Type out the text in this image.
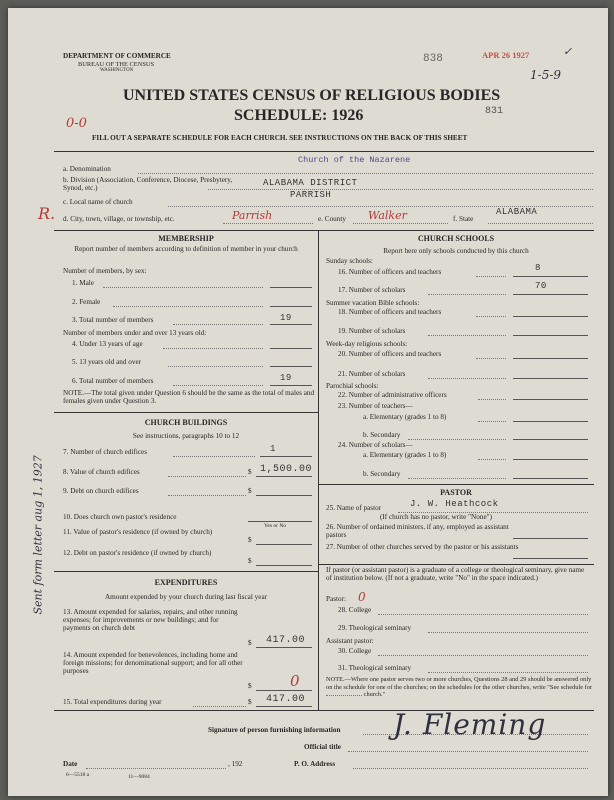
DEPARTMENT OF COMMERCE
BUREAU OF THE CENSUS
WASHINGTON
UNITED STATES CENSUS OF RELIGIOUS BODIES
SCHEDULE: 1926
838	APR 26 1927	✓
1-5-9
831
0-0
FILL OUT A SEPARATE SCHEDULE FOR EACH CHURCH. SEE INSTRUCTIONS ON THE BACK OF THIS SHEET
a. Denomination
Church of the Nazarene
b. Division (Association, Conference, Diocese, Presbytery, Synod, etc.)	ALABAMA DISTRICT
c. Local name of church
PARRISH
R. d. City, town, village, or township, etc.	Parrish	e. County Walker	f. State
ALABAMA
MEMBERSHIP
Report number of members according to definition of member in your church
Number of members, by sex:
1. Male
2. Female
3. Total number of members	19
Number of members under and over 13 years old:
4. Under 13 years of age
5. 13 years old and over
6. Total number of members	19
NOTE.—The total given under Question 6 should be the same as the total of males and females given under Question 3.
CHURCH BUILDINGS
See instructions, paragraphs 10 to 12
7. Number of church edifices	1
8. Value of church edifices	$ 1,500.00
9. Debt on church edifices	$
10. Does church own pastor's residence
Yes or No
11. Value of pastor's residence (if owned by church)
$
12. Debt on pastor's residence (if owned by church)
$
EXPENDITURES
Amount expended by your church during last fiscal year
13. Amount expended for salaries, repairs, and other running expenses; for improvements or new buildings; and for payments on church debt
$ 417.00
14. Amount expended for benevolences, including home and foreign missions; for denominational support; and for all other purposes
$	0
15. Total expenditures during year	$ 417.00
CHURCH SCHOOLS
Report here only schools conducted by this church
Sunday schools:
16. Number of officers and teachers	8
17. Number of scholars	70
Summer vacation Bible schools:
18. Number of officers and teachers
19. Number of scholars
Week-day religious schools:
20. Number of officers and teachers
21. Number of scholars
Parochial schools:
22. Number of administrative officers
23. Number of teachers—
a. Elementary (grades 1 to 8)
b. Secondary
24. Number of scholars—
a. Elementary (grades 1 to 8)
b. Secondary
PASTOR
25. Name of pastor	J. W. Heathcock
(If church has no pastor, write "None")
26. Number of ordained ministers, if any, employed as assistant pastors
27. Number of other churches served by the pastor or his assistants
If pastor (or assistant pastor) is a graduate of a college or theological seminary, give name of institution below. (If not a graduate, write "No" in the space indicated.)
Pastor: 0
28. College
29. Theological seminary
Assistant pastor:
30. College
31. Theological seminary
NOTE.—Where one pastor serves two or more churches, Questions 28 and 29 should be answered only on the schedule for one of the churches; on the schedules for the other churches, write "See schedule for  church."
Signature of person furnishing information J. Fleming
Official title
Date	, 192	P. O. Address
6—5518 a	11—9084
Sent form letter aug 1, 1927
